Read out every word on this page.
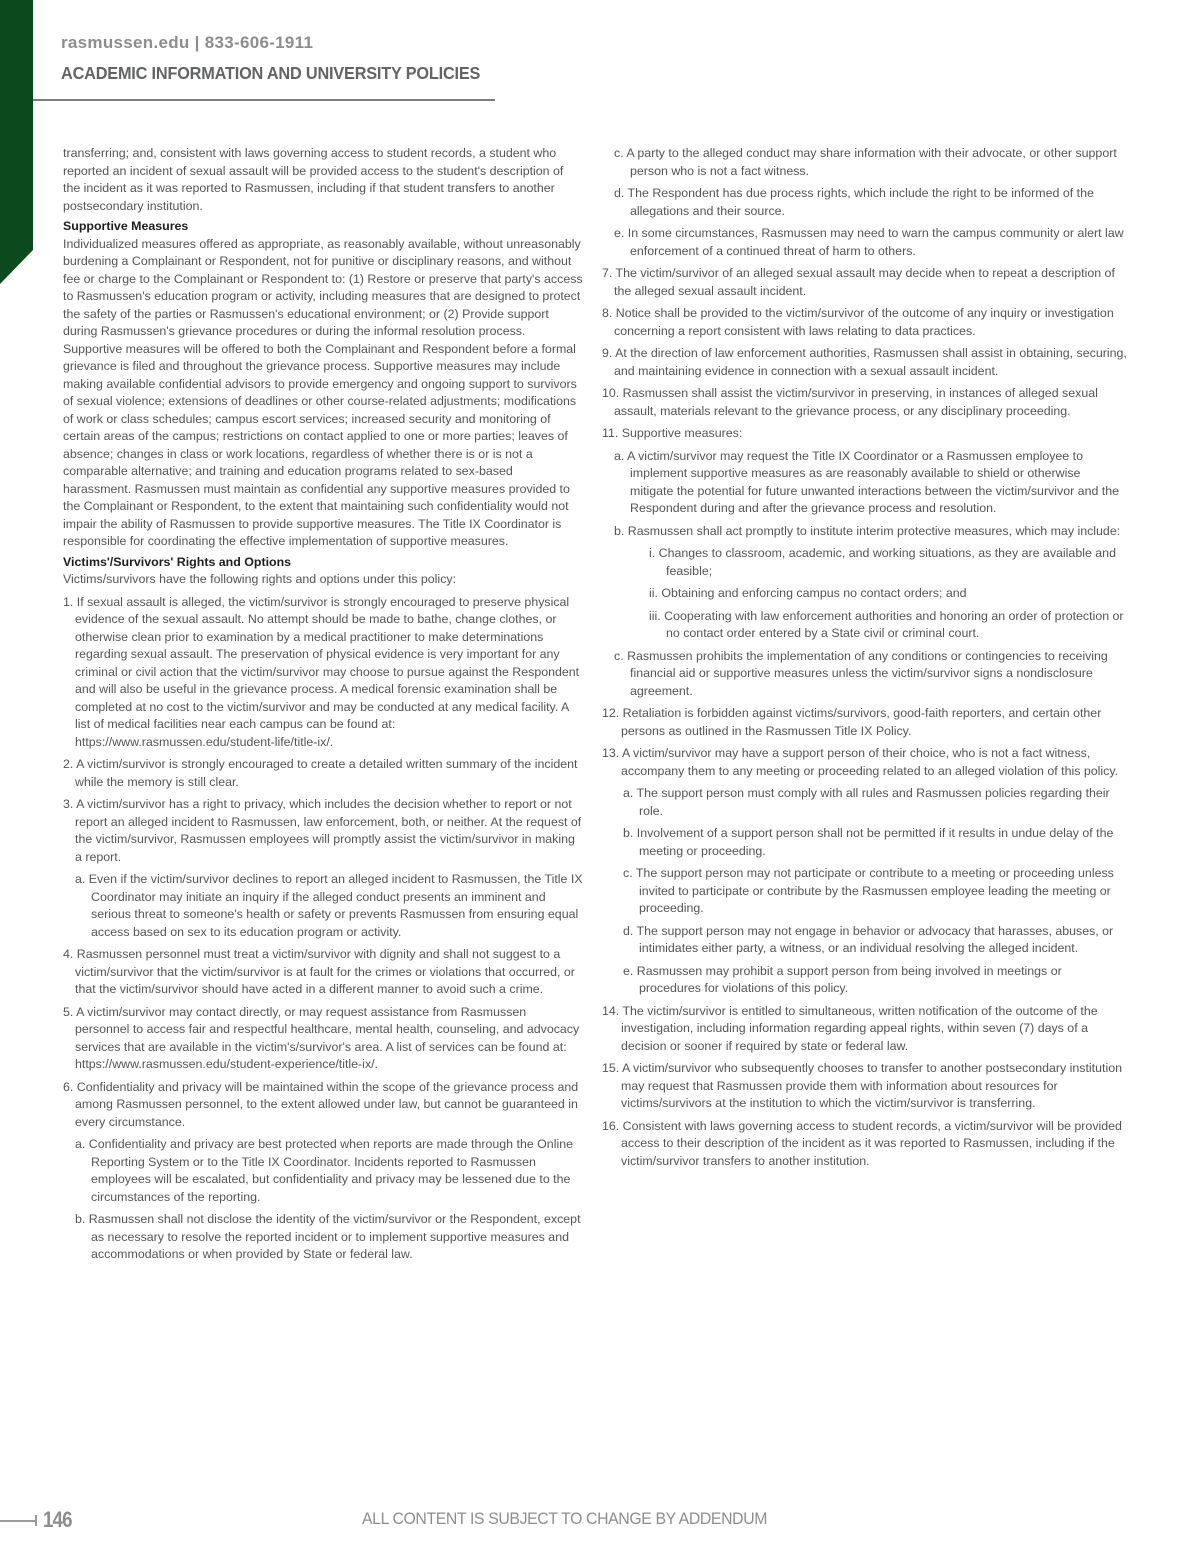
rasmussen.edu | 833-606-1911
ACADEMIC INFORMATION AND UNIVERSITY POLICIES

transferring; and, consistent with laws governing access to student records, a student who reported an incident of sexual assault will be provided access to the student's description of the incident as it was reported to Rasmussen, including if that student transfers to another postsecondary institution.

Supportive Measures

Individualized measures offered as appropriate, as reasonably available, without unreasonably burdening a Complainant or Respondent, not for punitive or disciplinary reasons, and without fee or charge to the Complainant or Respondent to: (1) Restore or preserve that party's access to Rasmussen's education program or activity, including measures that are designed to protect the safety of the parties or Rasmussen's educational environment; or (2) Provide support during Rasmussen's grievance procedures or during the informal resolution process. Supportive measures will be offered to both the Complainant and Respondent before a formal grievance is filed and throughout the grievance process. Supportive measures may include making available confidential advisors to provide emergency and ongoing support to survivors of sexual violence; extensions of deadlines or other course-related adjustments; modifications of work or class schedules; campus escort services; increased security and monitoring of certain areas of the campus; restrictions on contact applied to one or more parties; leaves of absence; changes in class or work locations, regardless of whether there is or is not a comparable alternative; and training and education programs related to sex-based harassment. Rasmussen must maintain as confidential any supportive measures provided to the Complainant or Respondent, to the extent that maintaining such confidentiality would not impair the ability of Rasmussen to provide supportive measures. The Title IX Coordinator is responsible for coordinating the effective implementation of supportive measures.

Victims'/Survivors' Rights and Options

Victims/survivors have the following rights and options under this policy:

1. If sexual assault is alleged, the victim/survivor is strongly encouraged to preserve physical evidence of the sexual assault. No attempt should be made to bathe, change clothes, or otherwise clean prior to examination by a medical practitioner to make determinations regarding sexual assault. The preservation of physical evidence is very important for any criminal or civil action that the victim/survivor may choose to pursue against the Respondent and will also be useful in the grievance process. A medical forensic examination shall be completed at no cost to the victim/survivor and may be conducted at any medical facility. A list of medical facilities near each campus can be found at: https://www.rasmussen.edu/student-life/title-ix/.

2. A victim/survivor is strongly encouraged to create a detailed written summary of the incident while the memory is still clear.

3. A victim/survivor has a right to privacy, which includes the decision whether to report or not report an alleged incident to Rasmussen, law enforcement, both, or neither. At the request of the victim/survivor, Rasmussen employees will promptly assist the victim/survivor in making a report.

a. Even if the victim/survivor declines to report an alleged incident to Rasmussen, the Title IX Coordinator may initiate an inquiry if the alleged conduct presents an imminent and serious threat to someone's health or safety or prevents Rasmussen from ensuring equal access based on sex to its education program or activity.

4. Rasmussen personnel must treat a victim/survivor with dignity and shall not suggest to a victim/survivor that the victim/survivor is at fault for the crimes or violations that occurred, or that the victim/survivor should have acted in a different manner to avoid such a crime.

5. A victim/survivor may contact directly, or may request assistance from Rasmussen personnel to access fair and respectful healthcare, mental health, counseling, and advocacy services that are available in the victim's/survivor's area. A list of services can be found at: https://www.rasmussen.edu/student-experience/title-ix/.

6. Confidentiality and privacy will be maintained within the scope of the grievance process and among Rasmussen personnel, to the extent allowed under law, but cannot be guaranteed in every circumstance.

a. Confidentiality and privacy are best protected when reports are made through the Online Reporting System or to the Title IX Coordinator. Incidents reported to Rasmussen employees will be escalated, but confidentiality and privacy may be lessened due to the circumstances of the reporting.

b. Rasmussen shall not disclose the identity of the victim/survivor or the Respondent, except as necessary to resolve the reported incident or to implement supportive measures and accommodations or when provided by State or federal law.

c. A party to the alleged conduct may share information with their advocate, or other support person who is not a fact witness.

d. The Respondent has due process rights, which include the right to be informed of the allegations and their source.

e. In some circumstances, Rasmussen may need to warn the campus community or alert law enforcement of a continued threat of harm to others.

7. The victim/survivor of an alleged sexual assault may decide when to repeat a description of the alleged sexual assault incident.

8. Notice shall be provided to the victim/survivor of the outcome of any inquiry or investigation concerning a report consistent with laws relating to data practices.

9. At the direction of law enforcement authorities, Rasmussen shall assist in obtaining, securing, and maintaining evidence in connection with a sexual assault incident.

10. Rasmussen shall assist the victim/survivor in preserving, in instances of alleged sexual assault, materials relevant to the grievance process, or any disciplinary proceeding.

11. Supportive measures:

a. A victim/survivor may request the Title IX Coordinator or a Rasmussen employee to implement supportive measures as are reasonably available to shield or otherwise mitigate the potential for future unwanted interactions between the victim/survivor and the Respondent during and after the grievance process and resolution.

b. Rasmussen shall act promptly to institute interim protective measures, which may include:

i. Changes to classroom, academic, and working situations, as they are available and feasible;

ii. Obtaining and enforcing campus no contact orders; and

iii. Cooperating with law enforcement authorities and honoring an order of protection or no contact order entered by a State civil or criminal court.

c. Rasmussen prohibits the implementation of any conditions or contingencies to receiving financial aid or supportive measures unless the victim/survivor signs a nondisclosure agreement.

12. Retaliation is forbidden against victims/survivors, good-faith reporters, and certain other persons as outlined in the Rasmussen Title IX Policy.

13. A victim/survivor may have a support person of their choice, who is not a fact witness, accompany them to any meeting or proceeding related to an alleged violation of this policy.

a. The support person must comply with all rules and Rasmussen policies regarding their role.

b. Involvement of a support person shall not be permitted if it results in undue delay of the meeting or proceeding.

c. The support person may not participate or contribute to a meeting or proceeding unless invited to participate or contribute by the Rasmussen employee leading the meeting or proceeding.

d. The support person may not engage in behavior or advocacy that harasses, abuses, or intimidates either party, a witness, or an individual resolving the alleged incident.

e. Rasmussen may prohibit a support person from being involved in meetings or procedures for violations of this policy.

14. The victim/survivor is entitled to simultaneous, written notification of the outcome of the investigation, including information regarding appeal rights, within seven (7) days of a decision or sooner if required by state or federal law.

15. A victim/survivor who subsequently chooses to transfer to another postsecondary institution may request that Rasmussen provide them with information about resources for victims/survivors at the institution to which the victim/survivor is transferring.

16. Consistent with laws governing access to student records, a victim/survivor will be provided access to their description of the incident as it was reported to Rasmussen, including if the victim/survivor transfers to another institution.

146	ALL CONTENT IS SUBJECT TO CHANGE BY ADDENDUM
